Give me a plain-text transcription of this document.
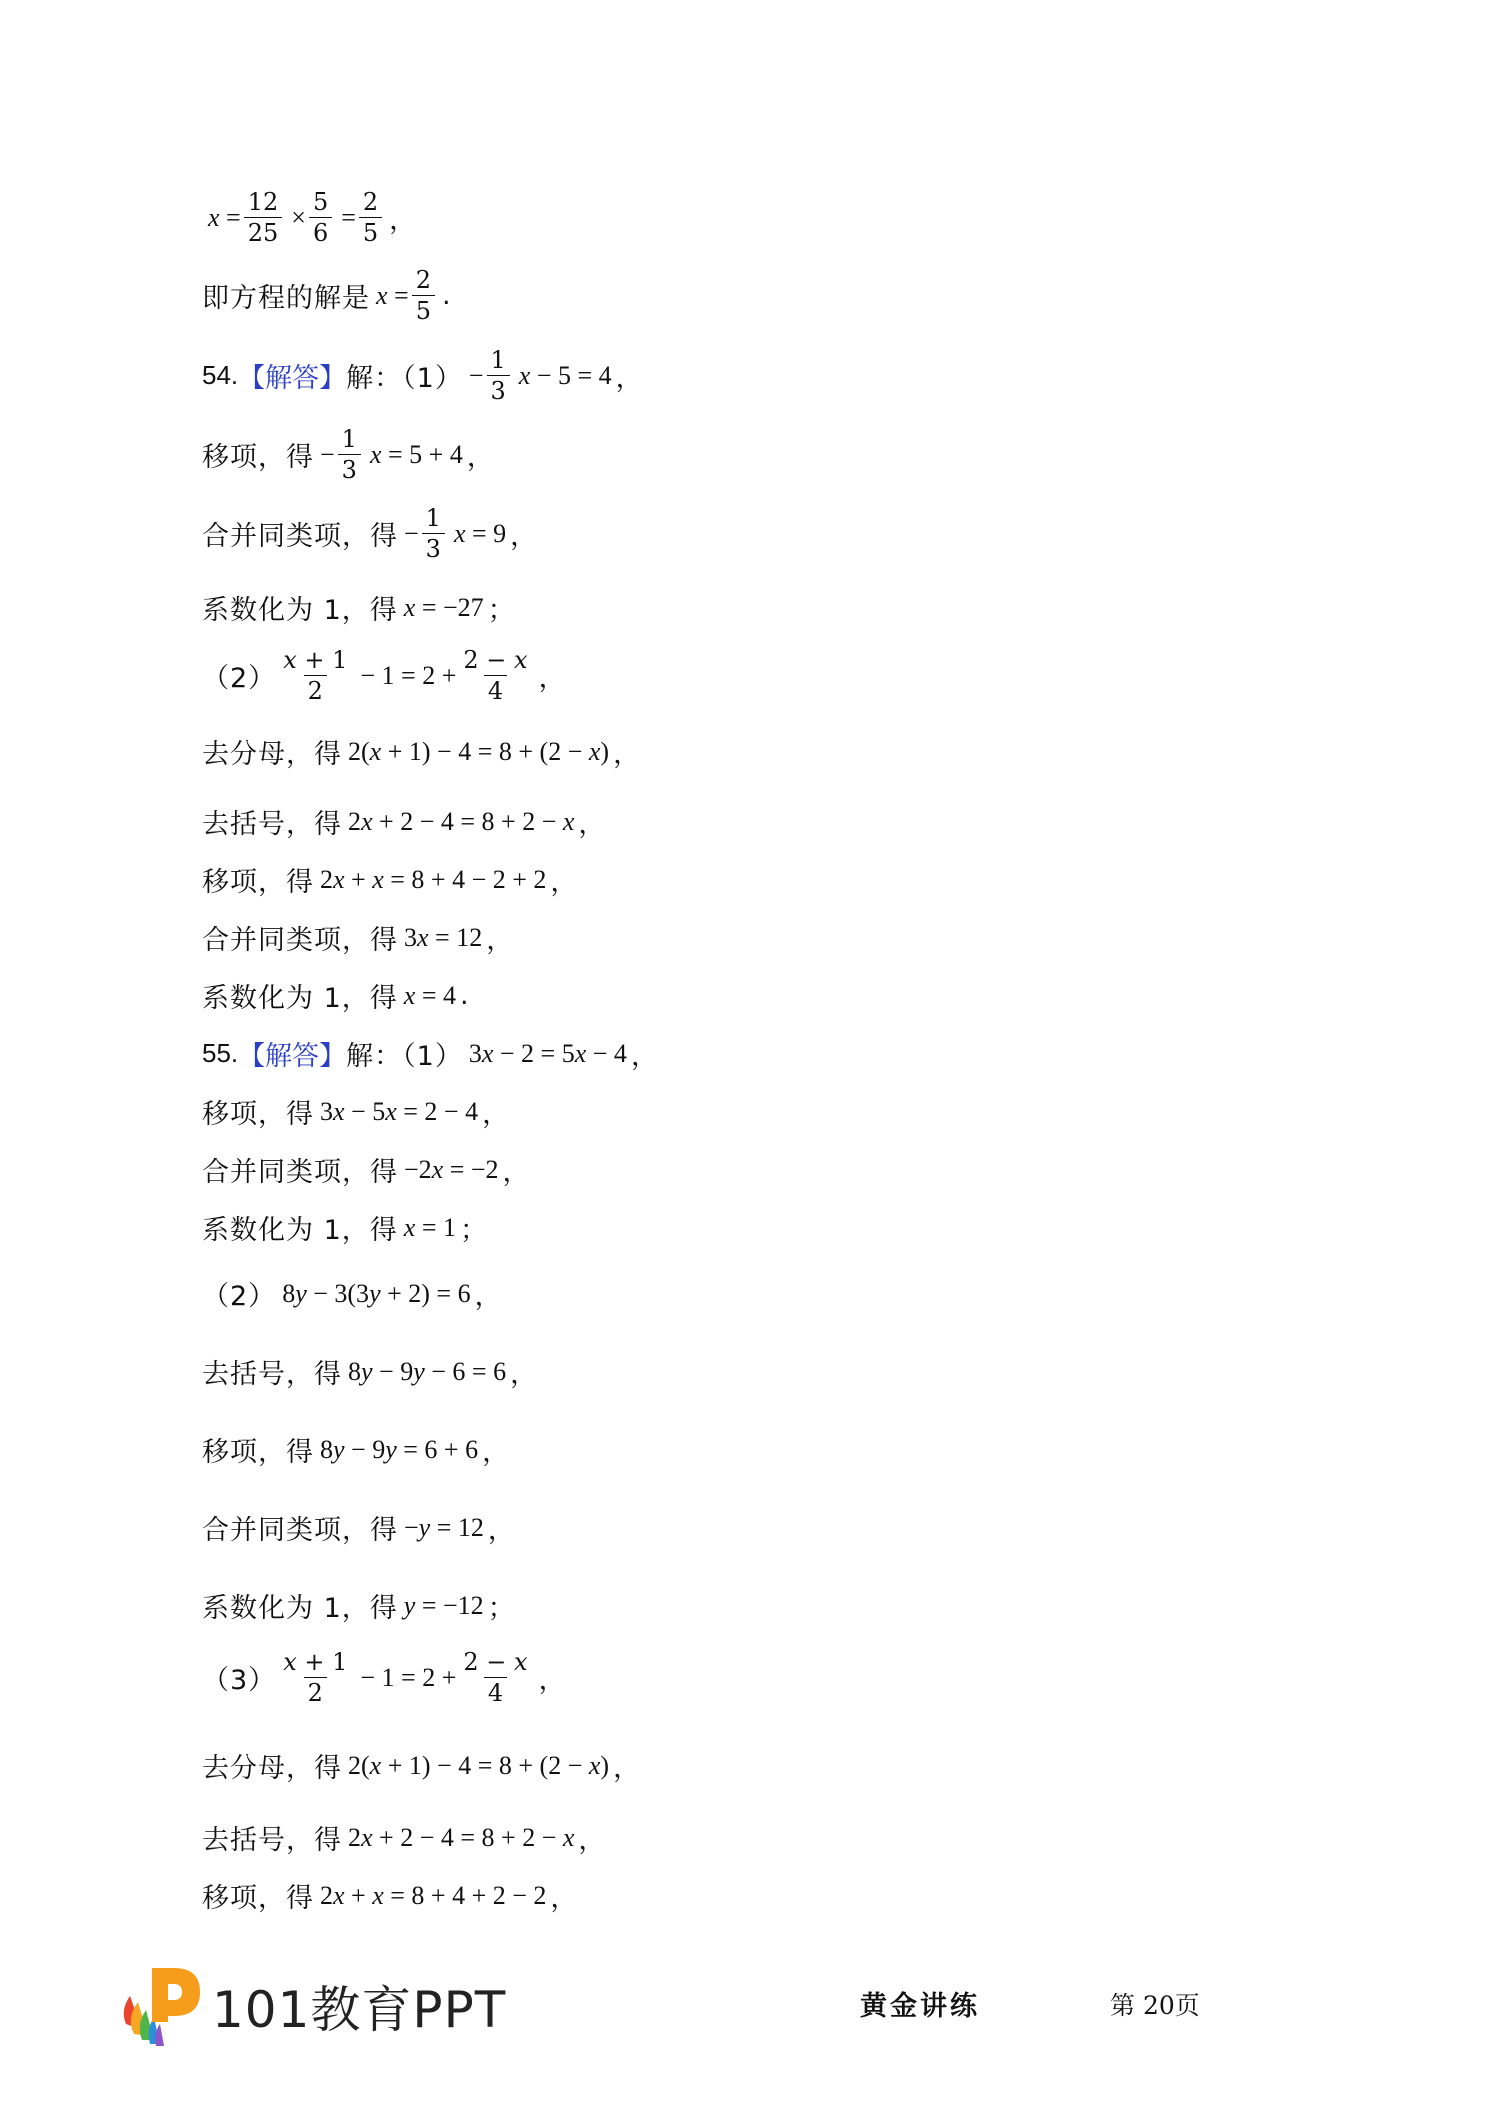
$x = \frac{12}{25} \times \frac{5}{6} = \frac{2}{5}$ ，
即方程的解是 $x = \frac{2}{5}$ .
54. 【解答】 解：$(1) - \frac{1}{3}$ x − 5 = 4 ，
移项，得 − $\frac{1}{3}$ x = 5 + 4 ，
合并同类项，得 − $\frac{1}{3}$ x = 9 ，
系数化为 1，得 x = −27 ；
$(2) \frac{x + 1}{2} - 1 = 2 + \frac{2 - x}{4}$ ，
去分母，得 2(x + 1) − 4 = 8 + (2 − x) ，
去括号，得 2x + 2 − 4 = 8 + 2 − x ，
移项，得 2x + x = 8 + 4 − 2 + 2 ，
合并同类项，得 3x = 12 ，
系数化为 1，得 x = 4 .
55. 【解答】 解：（1） 3x − 2 = 5x − 4 ，
移项，得 3x − 5x = 2 − 4 ，
合并同类项，得 −2x = −2 ，
系数化为 1，得 x = 1 ；
（2） 8y − 3(3y + 2) = 6 ，
去括号，得 8y − 9y − 6 = 6 ，
移项，得 8y − 9y = 6 + 6 ，
合并同类项，得 −y = 12 ，
系数化为 1，得 y = −12 ；
$(3) \frac{x + 1}{2} - 1 = 2 + \frac{2 - x}{4}$ ，
去分母，得 2(x + 1) − 4 = 8 + (2 − x) ，
去括号，得 2x + 2 − 4 = 8 + 2 − x ，
移项，得 2x + x = 8 + 4 + 2 − 2 ，
101教育PPT	黄金讲练	第 20页
